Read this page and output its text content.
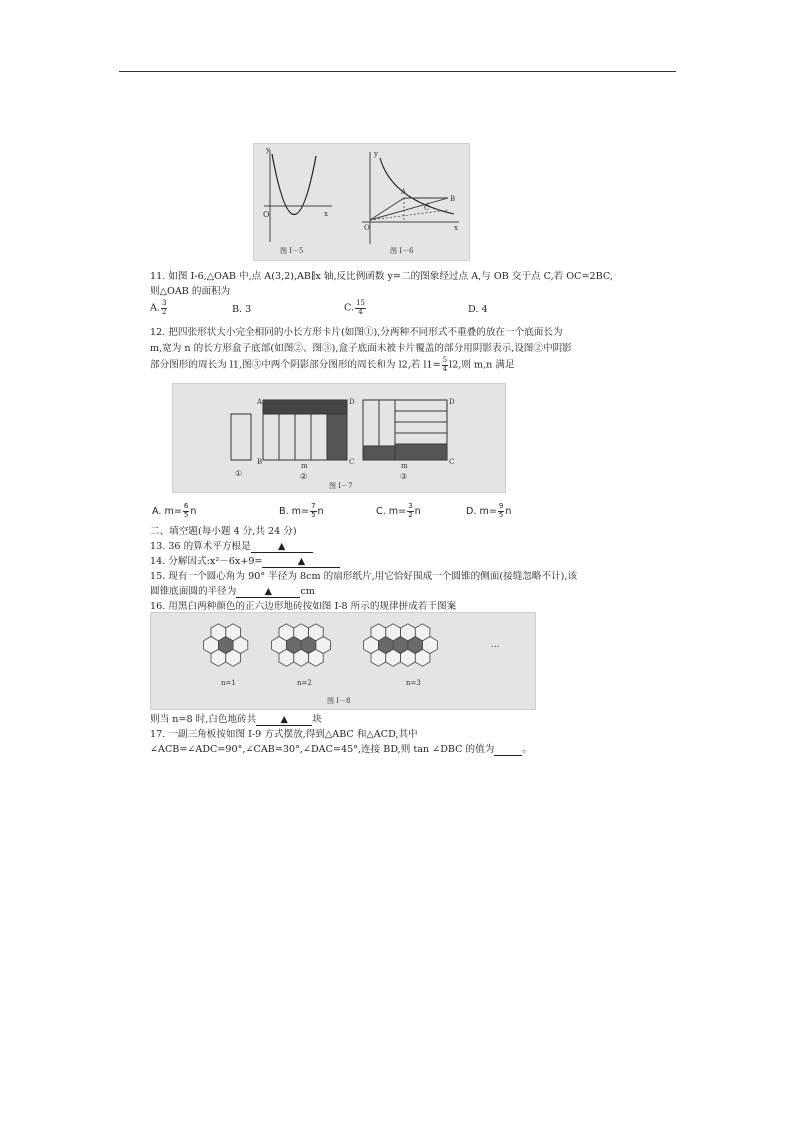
O
y
x
图 I－5
O
y
A
B
C
x
图 I－6
11. 如图 I-6,△OAB 中,点 A(3,2),AB∥x 轴,反比例函数 y=二的图象经过点 A,与 OB 交于点 C,若 OC=2BC,
则△OAB 的面积为
A. $\frac{3}{2}$	B. 3	C. $\frac{15}{4}$	D. 4
12. 把四张形状大小完全相同的小长方形卡片(如图①),分两种不同形式不重叠的放在一个底面长为
m,宽为 n 的长方形盒子底部(如图②、图③),盒子底面未被卡片覆盖的部分用阴影表示,设图②中阴影
部分图形的周长为 l1,图③中两个阴影部分图形的周长和为 l2,若 $l1= \frac{5}{4} l2$,则 m,n 满足
①
A
B
D
C
m
②
D
C
m
③
图 I－7
A. $m= \frac{6}{5}$ n	B. $m= \frac{7}{5}$ n	C. $m= \frac{3}{2}$ n	D. $m= \frac{9}{5}$ n
二、填空题(每小题 4 分,共 24 分)
13. 36 的算术平方根是	▲
14. 分解因式:x²－6x+9=	▲
15. 现有一个圆心角为 90° 半径为 8cm 的扇形纸片,用它恰好围成一个圆锥的侧面(接缝忽略不计),该
圆锥底面圆的半径为	▲	cm
16. 用黑白两种颜色的正六边形地砖按如图 I-8 所示的规律拼成若干图案
n=1	n=2	n=3
...
图 I－8
则当 n=8 时,白色地砖共	▲	块
17. 一副三角板按如图 I-9 方式摆放,得到△ABC 和△ACD,其中
∠ACB=∠ADC=90°,∠CAB=30°,∠DAC=45°,连接 BD,则 tan ∠DBC 的值为	。
